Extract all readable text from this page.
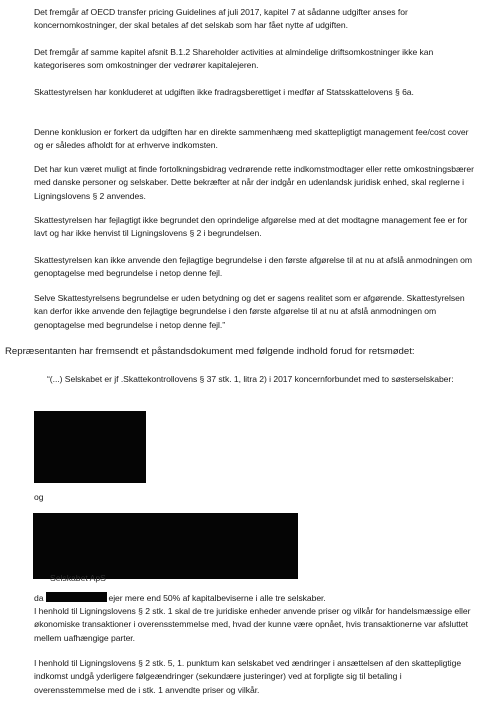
Det fremgår af OECD transfer pricing Guidelines af juli 2017, kapitel 7 at sådanne udgifter anses for koncernomkostninger, der skal betales af det selskab som har fået nytte af udgiften.

Det fremgår af samme kapitel afsnit B.1.2 Shareholder activities at almindelige driftsomkostninger ikke kan kategoriseres som omkostninger der vedrører kapitalejeren.

Skattestyrelsen har konkluderet at udgiften ikke fradragsberettiget i medfør af Statsskattelovens § 6a.

Denne konklusion er forkert da udgiften har en direkte sammenhæng med skattepligtigt management fee/cost cover og er således afholdt for at erhverve indkomsten.

Det har kun været muligt at finde fortolkningsbidrag vedrørende rette indkomstmodtager eller rette omkostningsbærer med danske personer og selskaber. Dette bekræfter at når der indgår en udenlandsk juridisk enhed, skal reglerne i Ligningslovens § 2 anvendes.

Skattestyrelsen har fejlagtigt ikke begrundet den oprindelige afgørelse med at det modtagne management fee er for lavt og har ikke henvist til Ligningslovens § 2 i begrundelsen.

Skattestyrelsen kan ikke anvende den fejlagtige begrundelse i den første afgørelse til at nu at afslå anmodningen om genoptagelse med begrundelse i netop denne fejl.

Selve Skattestyrelsens begrundelse er uden betydning og det er sagens realitet som er afgørende. Skattestyrelsen kan derfor ikke anvende den fejlagtige begrundelse i den første afgørelse til at nu at afslå anmodningen om genoptagelse med begrundelse i netop denne fejl.”

Repræsentanten har fremsendt et påstandsdokument med følgende indhold forud for retsmødet:

“(...) Selskabet er jf .Skattekontrollovens § 37 stk. 1, litra 2) i 2017 koncernforbundet med to søsterselskaber:

og

Selskabet ApS

da	ejer mere end 50% af kapitalbeviserne i alle tre selskaber.

I henhold til Ligningslovens § 2 stk. 1 skal de tre juridiske enheder anvende priser og vilkår for handelsmæssige eller økonomiske transaktioner i overensstemmelse med, hvad der kunne være opnået, hvis transaktionerne var afsluttet mellem uafhængige parter.

I henhold til Ligningslovens § 2 stk. 5, 1. punktum kan selskabet ved ændringer i ansættelsen af den skattepligtige indkomst undgå yderligere følgeændringer (sekundære justeringer) ved at forpligte sig til betaling i overensstemmelse med de i stk. 1 anvendte priser og vilkår.
